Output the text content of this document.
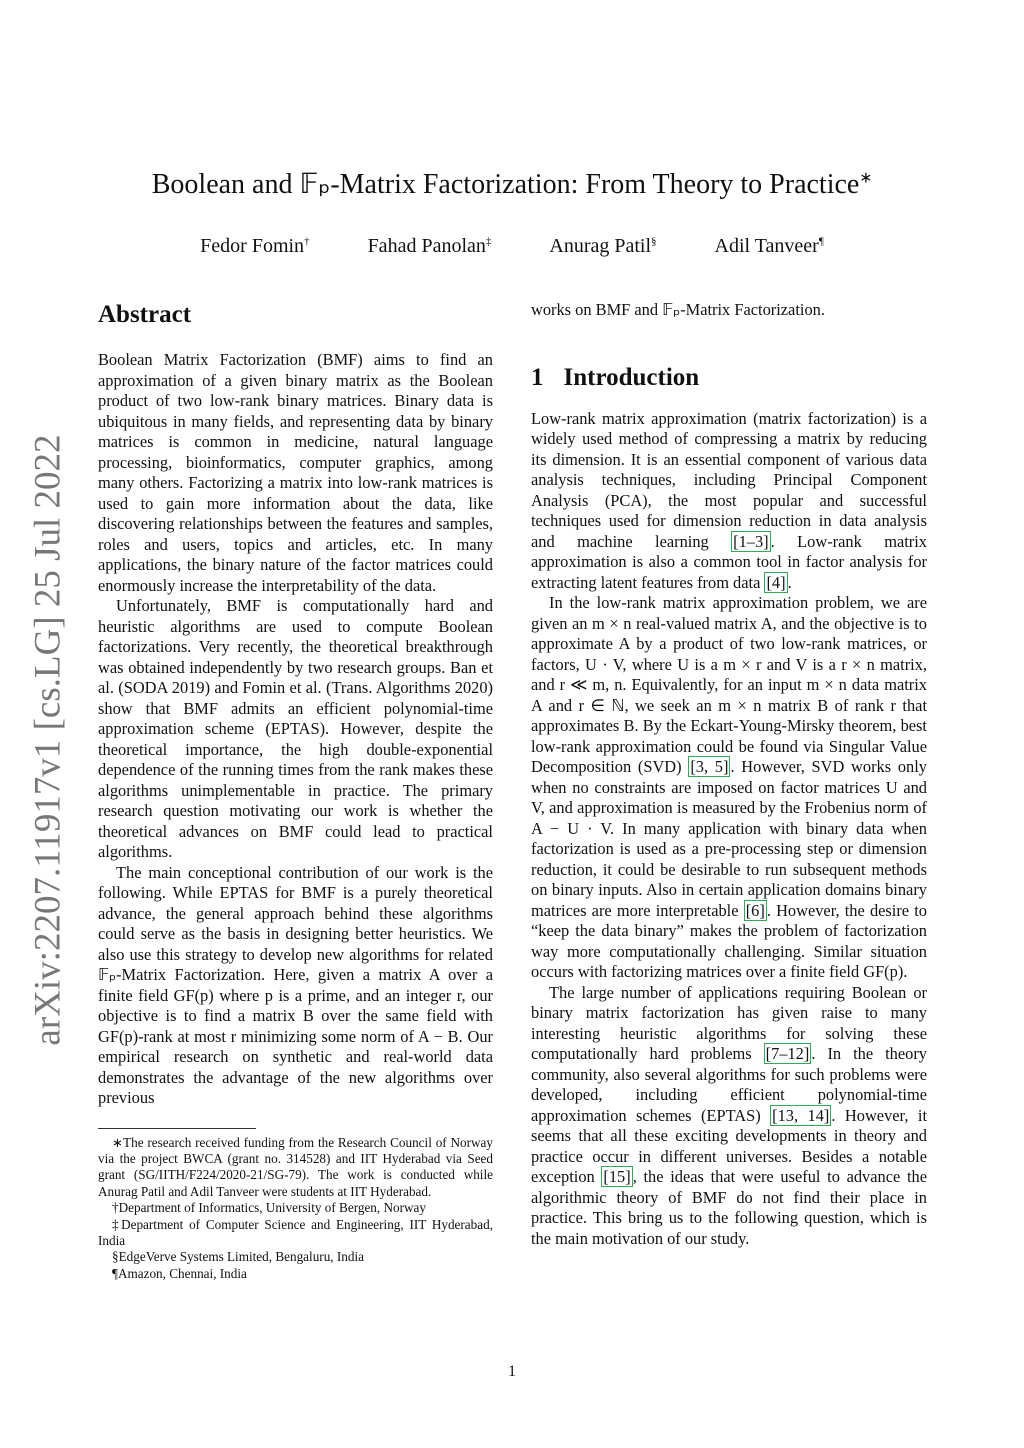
arXiv:2207.11917v1 [cs.LG] 25 Jul 2022
Boolean and 𝔽ₚ-Matrix Factorization: From Theory to Practice∗
Fedor Fomin†	Fahad Panolan‡	Anurag Patil§	Adil Tanveer¶
Abstract

Boolean Matrix Factorization (BMF) aims to find an approximation of a given binary matrix as the Boolean product of two low-rank binary matrices. Binary data is ubiquitous in many fields, and representing data by binary matrices is common in medicine, natural language processing, bioinformatics, computer graphics, among many others. Factorizing a matrix into low-rank matrices is used to gain more information about the data, like discovering relationships between the features and samples, roles and users, topics and articles, etc. In many applications, the binary nature of the factor matrices could enormously increase the interpretability of the data.

Unfortunately, BMF is computationally hard and heuristic algorithms are used to compute Boolean factorizations. Very recently, the theoretical breakthrough was obtained independently by two research groups. Ban et al. (SODA 2019) and Fomin et al. (Trans. Algorithms 2020) show that BMF admits an efficient polynomial-time approximation scheme (EPTAS). However, despite the theoretical importance, the high double-exponential dependence of the running times from the rank makes these algorithms unimplementable in practice. The primary research question motivating our work is whether the theoretical advances on BMF could lead to practical algorithms.

The main conceptional contribution of our work is the following. While EPTAS for BMF is a purely theoretical advance, the general approach behind these algorithms could serve as the basis in designing better heuristics. We also use this strategy to develop new algorithms for related 𝔽ₚ-Matrix Factorization. Here, given a matrix A over a finite field GF(p) where p is a prime, and an integer r, our objective is to find a matrix B over the same field with GF(p)-rank at most r minimizing some norm of A − B. Our empirical research on synthetic and real-world data demonstrates the advantage of the new algorithms over previous

∗The research received funding from the Research Council of Norway via the project BWCA (grant no. 314528) and IIT Hyderabad via Seed grant (SG/IITH/F224/2020-21/SG-79). The work is conducted while Anurag Patil and Adil Tanveer were students at IIT Hyderabad.

†Department of Informatics, University of Bergen, Norway

‡Department of Computer Science and Engineering, IIT Hyderabad, India

§EdgeVerve Systems Limited, Bengaluru, India

¶Amazon, Chennai, India

works on BMF and 𝔽ₚ-Matrix Factorization.

1 Introduction

Low-rank matrix approximation (matrix factorization) is a widely used method of compressing a matrix by reducing its dimension. It is an essential component of various data analysis techniques, including Principal Component Analysis (PCA), the most popular and successful techniques used for dimension reduction in data analysis and machine learning [1–3] . Low-rank matrix approximation is also a common tool in factor analysis for extracting latent features from data [4] .

In the low-rank matrix approximation problem, we are given an m × n real-valued matrix A, and the objective is to approximate A by a product of two low-rank matrices, or factors, U · V, where U is a m × r and V is a r × n matrix, and r ≪ m, n. Equivalently, for an input m × n data matrix A and r ∈ ℕ, we seek an m × n matrix B of rank r that approximates B. By the Eckart-Young-Mirsky theorem, best low-rank approximation could be found via Singular Value Decomposition (SVD) [3, 5] . However, SVD works only when no constraints are imposed on factor matrices U and V, and approximation is measured by the Frobenius norm of A − U · V. In many application with binary data when factorization is used as a pre-processing step or dimension reduction, it could be desirable to run subsequent methods on binary inputs. Also in certain application domains binary matrices are more interpretable [6] . However, the desire to “keep the data binary” makes the problem of factorization way more computationally challenging. Similar situation occurs with factorizing matrices over a finite field GF(p).

The large number of applications requiring Boolean or binary matrix factorization has given raise to many interesting heuristic algorithms for solving these computationally hard problems [7–12] . In the theory community, also several algorithms for such problems were developed, including efficient polynomial-time approximation schemes (EPTAS) [13, 14] . However, it seems that all these exciting developments in theory and practice occur in different universes. Besides a notable exception [15] , the ideas that were useful to advance the algorithmic theory of BMF do not find their place in practice. This bring us to the following question, which is the main motivation of our study.

1
